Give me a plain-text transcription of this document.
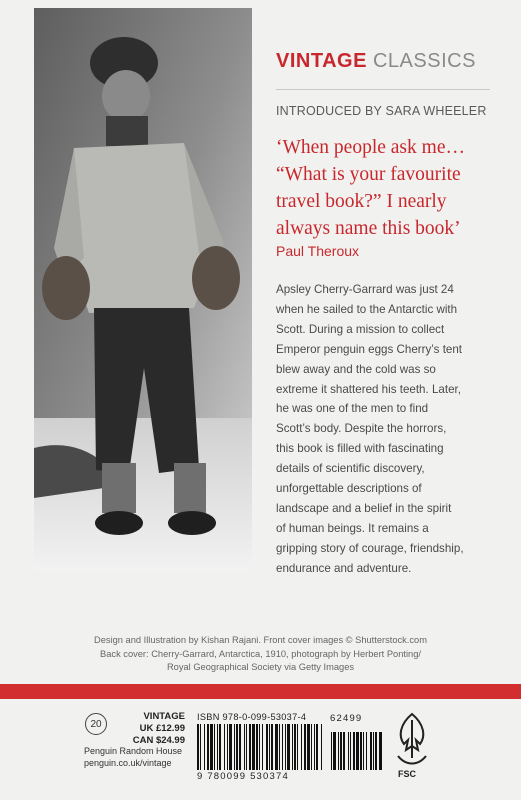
VINTAGE CLASSICS
INTRODUCED BY SARA WHEELER
‘When people ask me…
“What is your favourite
travel book?” I nearly
always name this book’
Paul Theroux
Apsley Cherry-Garrard was just 24
when he sailed to the Antarctic with
Scott. During a mission to collect
Emperor penguin eggs Cherry’s tent
blew away and the cold was so
extreme it shattered his teeth. Later,
he was one of the men to find
Scott’s body. Despite the horrors,
this book is filled with fascinating
details of scientific discovery,
unforgettable descriptions of
landscape and a belief in the spirit
of human beings. It remains a
gripping story of courage, friendship,
endurance and adventure.
Design and Illustration by Kishan Rajani. Front cover images © Shutterstock.com
Back cover: Cherry-Garrard, Antarctica, 1910, photograph by Herbert Ponting/
Royal Geographical Society via Getty Images
20
Penguin Random House
penguin.co.uk/vintage
VINTAGE
UK £12.99
CAN $24.99
ISBN 978-0-099-53037-4
9 780099 530374
62499
FSC
